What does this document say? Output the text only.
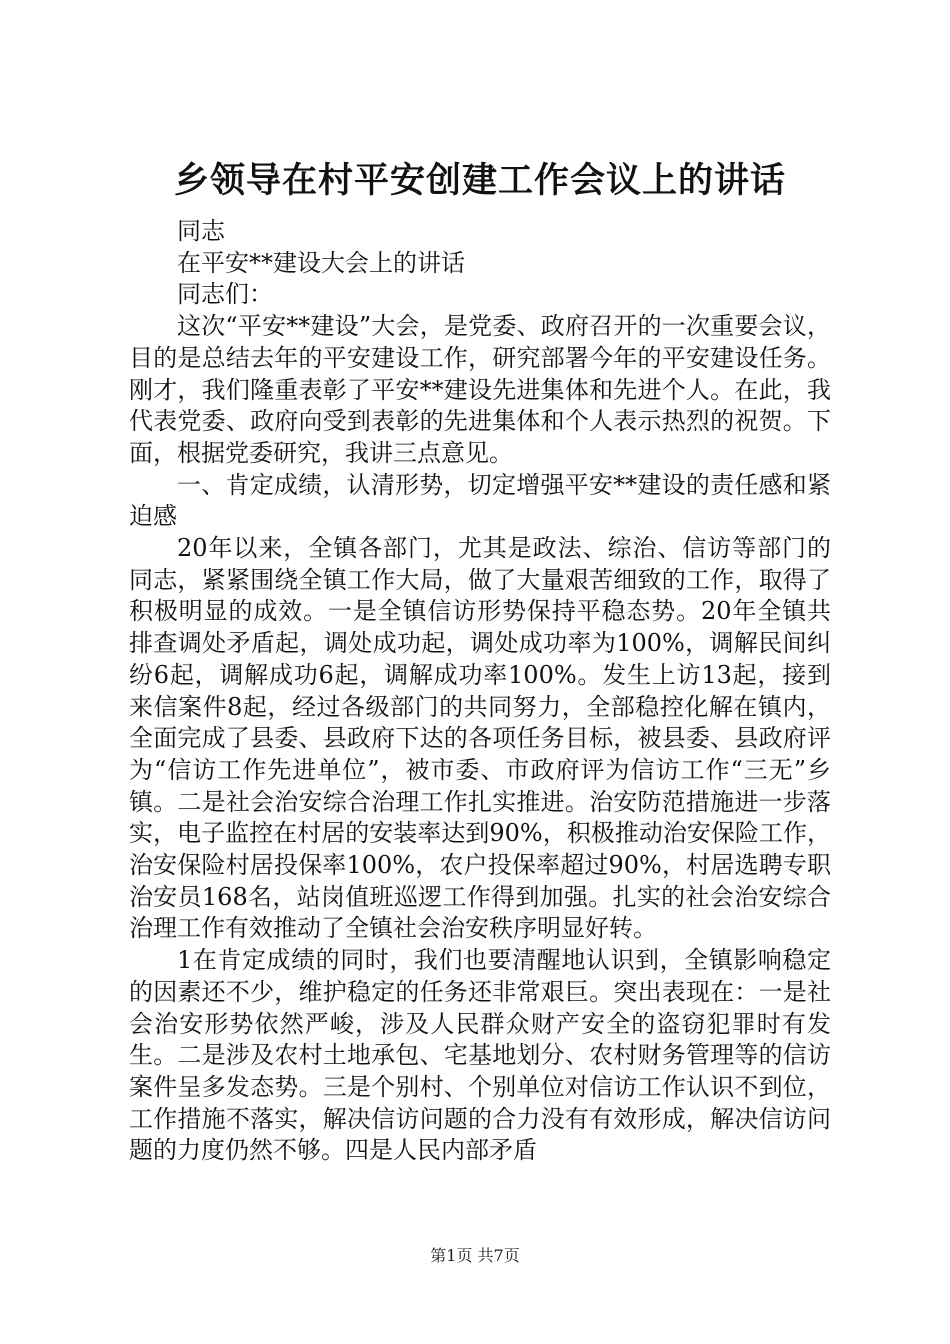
乡领导在村平安创建工作会议上的讲话

同志

在平安**建设大会上的讲话

同志们：

这次“平安**建设”大会，是党委、政府召开的一次重要会议，目的是总结去年的平安建设工作，研究部署今年的平安建设任务。刚才，我们隆重表彰了平安**建设先进集体和先进个人。在此，我代表党委、政府向受到表彰的先进集体和个人表示热烈的祝贺。下面，根据党委研究，我讲三点意见。

一、肯定成绩，认清形势，切定增强平安**建设的责任感和紧迫感

20年以来，全镇各部门，尤其是政法、综治、信访等部门的同志，紧紧围绕全镇工作大局，做了大量艰苦细致的工作，取得了积极明显的成效。一是全镇信访形势保持平稳态势。20年全镇共排查调处矛盾起，调处成功起，调处成功率为100%，调解民间纠纷6起，调解成功6起，调解成功率100%。发生上访13起，接到来信案件8起，经过各级部门的共同努力，全部稳控化解在镇内，全面完成了县委、县政府下达的各项任务目标，被县委、县政府评为“信访工作先进单位”，被市委、市政府评为信访工作“三无”乡镇。二是社会治安综合治理工作扎实推进。治安防范措施进一步落实，电子监控在村居的安装率达到90%，积极推动治安保险工作，治安保险村居投保率100%，农户投保率超过90%，村居选聘专职治安员168名，站岗值班巡逻工作得到加强。扎实的社会治安综合治理工作有效推动了全镇社会治安秩序明显好转。

1在肯定成绩的同时，我们也要清醒地认识到，全镇影响稳定的因素还不少，维护稳定的任务还非常艰巨。突出表现在：一是社会治安形势依然严峻，涉及人民群众财产安全的盗窃犯罪时有发生。二是涉及农村土地承包、宅基地划分、农村财务管理等的信访案件呈多发态势。三是个别村、个别单位对信访工作认识不到位，工作措施不落实，解决信访问题的合力没有有效形成，解决信访问题的力度仍然不够。四是人民内部矛盾

第1页 共7页
